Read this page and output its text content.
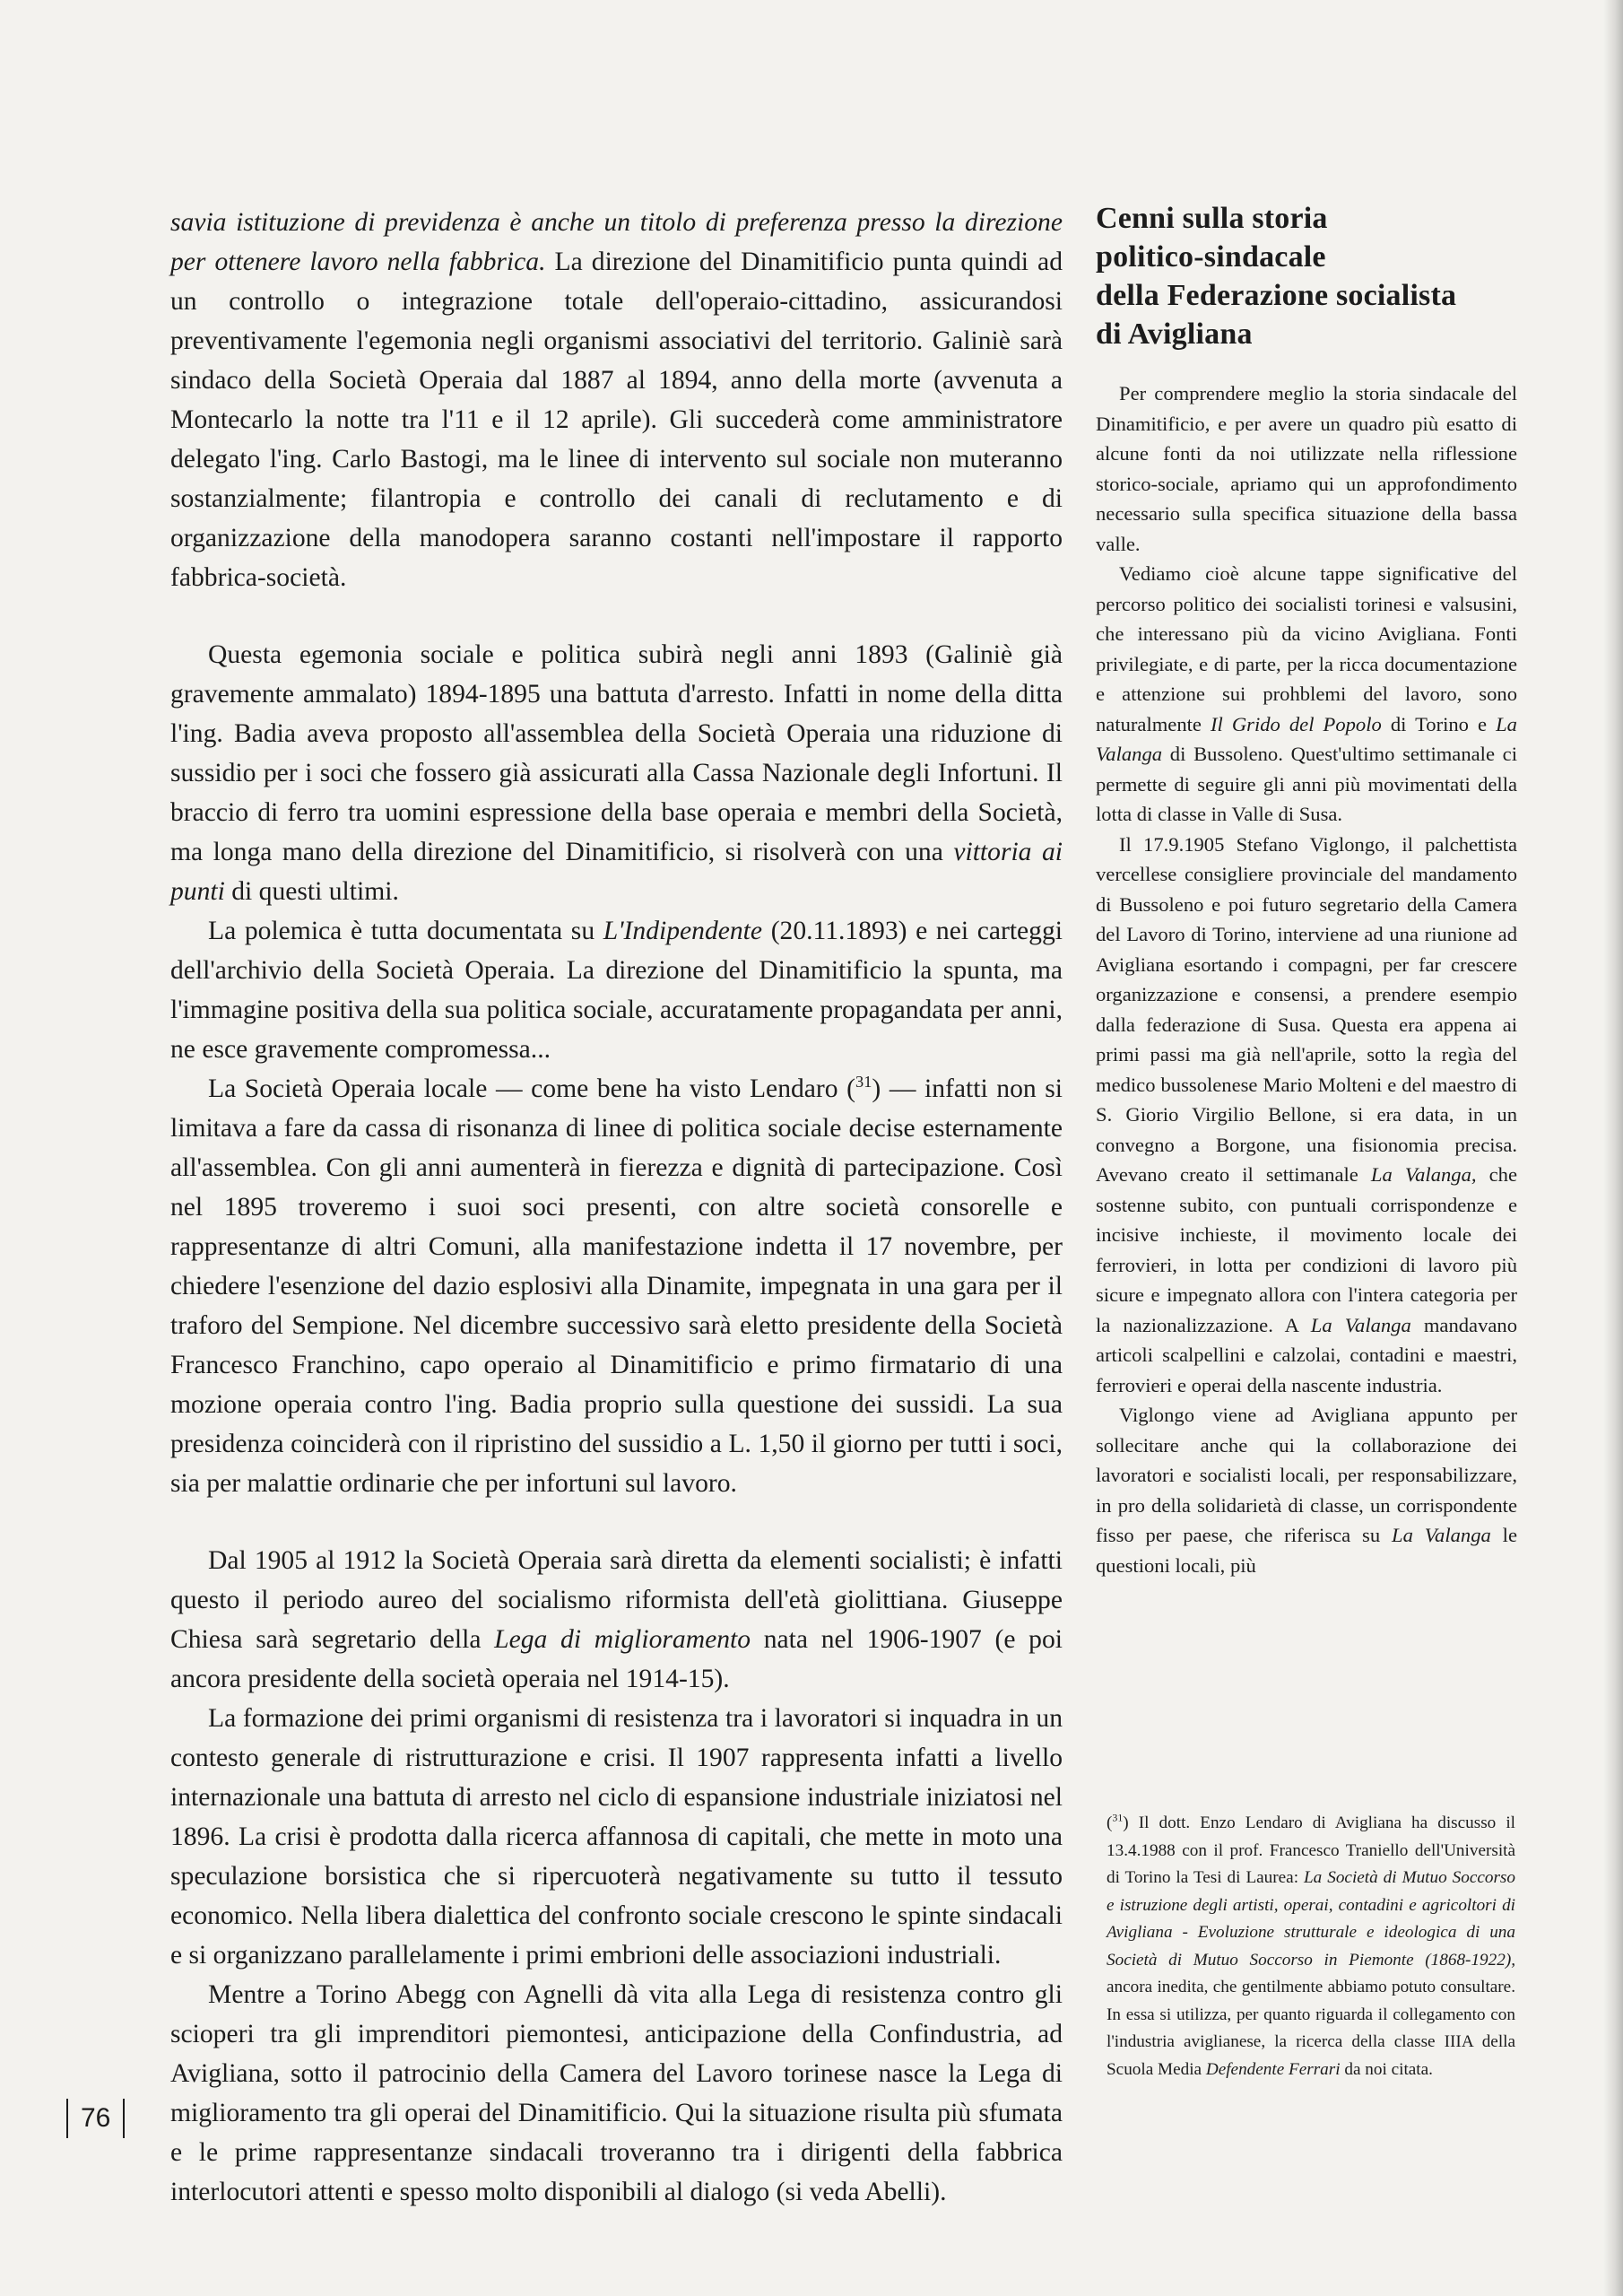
savia istituzione di previdenza è anche un titolo di preferenza presso la direzione per ottenere lavoro nella fabbrica. La direzione del Dinamitificio punta quindi ad un controllo o integrazione totale dell'operaio-cittadino, assicurandosi preventivamente l'egemonia negli organismi associativi del territorio. Galiniè sarà sindaco della Società Operaia dal 1887 al 1894, anno della morte (avvenuta a Montecarlo la notte tra l'11 e il 12 aprile). Gli succederà come amministratore delegato l'ing. Carlo Bastogi, ma le linee di intervento sul sociale non muteranno sostanzialmente; filantropia e controllo dei canali di reclutamento e di organizzazione della manodopera saranno costanti nell'impostare il rapporto fabbrica-società.

Questa egemonia sociale e politica subirà negli anni 1893 (Galiniè già gravemente ammalato) 1894-1895 una battuta d'arresto. Infatti in nome della ditta l'ing. Badia aveva proposto all'assemblea della Società Operaia una riduzione di sussidio per i soci che fossero già assicurati alla Cassa Nazionale degli Infortuni. Il braccio di ferro tra uomini espressione della base operaia e membri della Società, ma longa mano della direzione del Dinamitificio, si risolverà con una vittoria ai punti di questi ultimi.

La polemica è tutta documentata su L'Indipendente (20.11.1893) e nei carteggi dell'archivio della Società Operaia. La direzione del Dinamitificio la spunta, ma l'immagine positiva della sua politica sociale, accuratamente propagandata per anni, ne esce gravemente compromessa...

La Società Operaia locale — come bene ha visto Lendaro ($^{31}$) — infatti non si limitava a fare da cassa di risonanza di linee di politica sociale decise esternamente all'assemblea. Con gli anni aumenterà in fierezza e dignità di partecipazione. Così nel 1895 troveremo i suoi soci presenti, con altre società consorelle e rappresentanze di altri Comuni, alla manifestazione indetta il 17 novembre, per chiedere l'esenzione del dazio esplosivi alla Dinamite, impegnata in una gara per il traforo del Sempione. Nel dicembre successivo sarà eletto presidente della Società Francesco Franchino, capo operaio al Dinamitificio e primo firmatario di una mozione operaia contro l'ing. Badia proprio sulla questione dei sussidi. La sua presidenza coinciderà con il ripristino del sussidio a L. 1,50 il giorno per tutti i soci, sia per malattie ordinarie che per infortuni sul lavoro.

Dal 1905 al 1912 la Società Operaia sarà diretta da elementi socialisti; è infatti questo il periodo aureo del socialismo riformista dell'età giolittiana. Giuseppe Chiesa sarà segretario della Lega di miglioramento nata nel 1906-1907 (e poi ancora presidente della società operaia nel 1914-15).

La formazione dei primi organismi di resistenza tra i lavoratori si inquadra in un contesto generale di ristrutturazione e crisi. Il 1907 rappresenta infatti a livello internazionale una battuta di arresto nel ciclo di espansione industriale iniziatosi nel 1896. La crisi è prodotta dalla ricerca affannosa di capitali, che mette in moto una speculazione borsistica che si ripercuoterà negativamente su tutto il tessuto economico. Nella libera dialettica del confronto sociale crescono le spinte sindacali e si organizzano parallelamente i primi embrioni delle associazioni industriali.

Mentre a Torino Abegg con Agnelli dà vita alla Lega di resistenza contro gli scioperi tra gli imprenditori piemontesi, anticipazione della Confindustria, ad Avigliana, sotto il patrocinio della Camera del Lavoro torinese nasce la Lega di miglioramento tra gli operai del Dinamitificio. Qui la situazione risulta più sfumata e le prime rappresentanze sindacali troveranno tra i dirigenti della fabbrica interlocutori attenti e spesso molto disponibili al dialogo (si veda Abelli).

Cenni sulla storia
politico-sindacale
della Federazione socialista
di Avigliana

Per comprendere meglio la storia sindacale del Dinamitificio, e per avere un quadro più esatto di alcune fonti da noi utilizzate nella riflessione storico-sociale, apriamo qui un approfondimento necessario sulla specifica situazione della bassa valle.

Vediamo cioè alcune tappe significative del percorso politico dei socialisti torinesi e valsusini, che interessano più da vicino Avigliana. Fonti privilegiate, e di parte, per la ricca documentazione e attenzione sui prohblemi del lavoro, sono naturalmente Il Grido del Popolo di Torino e La Valanga di Bussoleno. Quest'ultimo settimanale ci permette di seguire gli anni più movimentati della lotta di classe in Valle di Susa.

Il 17.9.1905 Stefano Viglongo, il palchettista vercellese consigliere provinciale del mandamento di Bussoleno e poi futuro segretario della Camera del Lavoro di Torino, interviene ad una riunione ad Avigliana esortando i compagni, per far crescere organizzazione e consensi, a prendere esempio dalla federazione di Susa. Questa era appena ai primi passi ma già nell'aprile, sotto la regìa del medico bussolenese Mario Molteni e del maestro di S. Giorio Virgilio Bellone, si era data, in un convegno a Borgone, una fisionomia precisa. Avevano creato il settimanale La Valanga, che sostenne subito, con puntuali corrispondenze e incisive inchieste, il movimento locale dei ferrovieri, in lotta per condizioni di lavoro più sicure e impegnato allora con l'intera categoria per la nazionalizzazione. A La Valanga mandavano articoli scalpellini e calzolai, contadini e maestri, ferrovieri e operai della nascente industria.

Viglongo viene ad Avigliana appunto per sollecitare anche qui la collaborazione dei lavoratori e socialisti locali, per responsabilizzare, in pro della solidarietà di classe, un corrispondente fisso per paese, che riferisca su La Valanga le questioni locali, più

($^{31}$) Il dott. Enzo Lendaro di Avigliana ha discusso il 13.4.1988 con il prof. Francesco Traniello dell'Università di Torino la Tesi di Laurea: La Società di Mutuo Soccorso e istruzione degli artisti, operai, contadini e agricoltori di Avigliana - Evoluzione strutturale e ideologica di una Società di Mutuo Soccorso in Piemonte (1868-1922), ancora inedita, che gentilmente abbiamo potuto consultare. In essa si utilizza, per quanto riguarda il collegamento con l'industria aviglianese, la ricerca della classe IIIA della Scuola Media Defendente Ferrari da noi citata.

76
